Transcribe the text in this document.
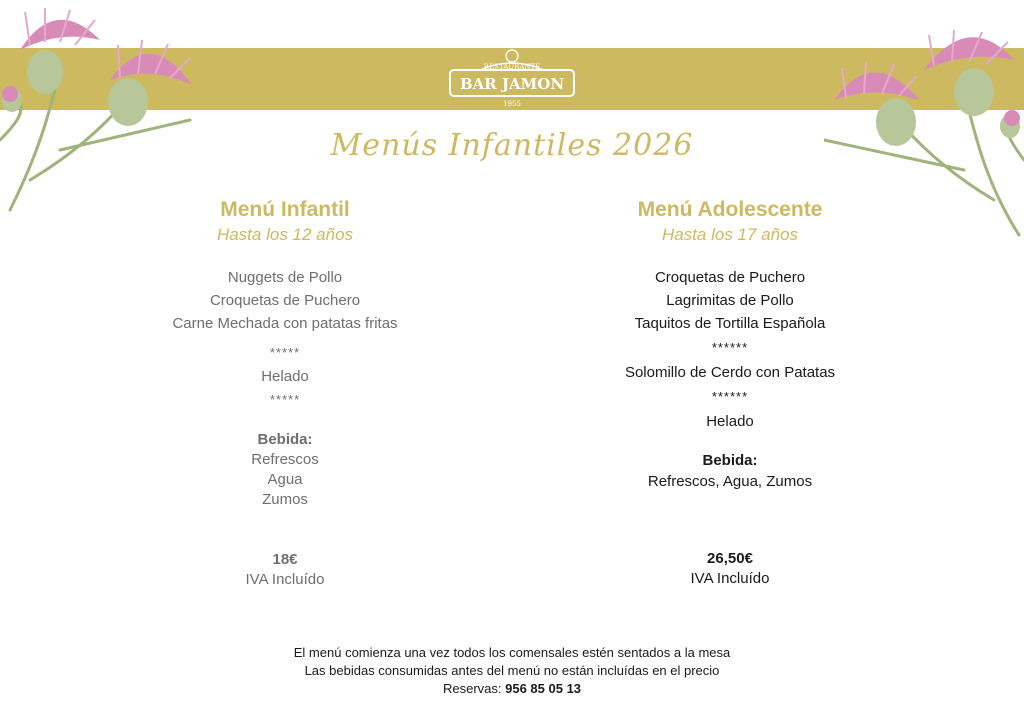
RESTAURANTE
BAR JAMON
1955
Menús Infantiles 2026
Menú Infantil
Hasta los 12 años
Nuggets de Pollo
Croquetas de Puchero
Carne Mechada con patatas fritas
*****
Helado
*****
Bebida:
Refrescos
Agua
Zumos
18€
IVA Incluído
Menú Adolescente
Hasta los 17 años
Croquetas de Puchero
Lagrimitas de Pollo
Taquitos de Tortilla Española
******
Solomillo de Cerdo con Patatas
******
Helado
Bebida:
Refrescos, Agua, Zumos
26,50€
IVA Incluído
El menú comienza una vez todos los comensales estén sentados a la mesa
Las bebidas consumidas antes del menú no están incluídas en el precio
Reservas: 956 85 05 13
